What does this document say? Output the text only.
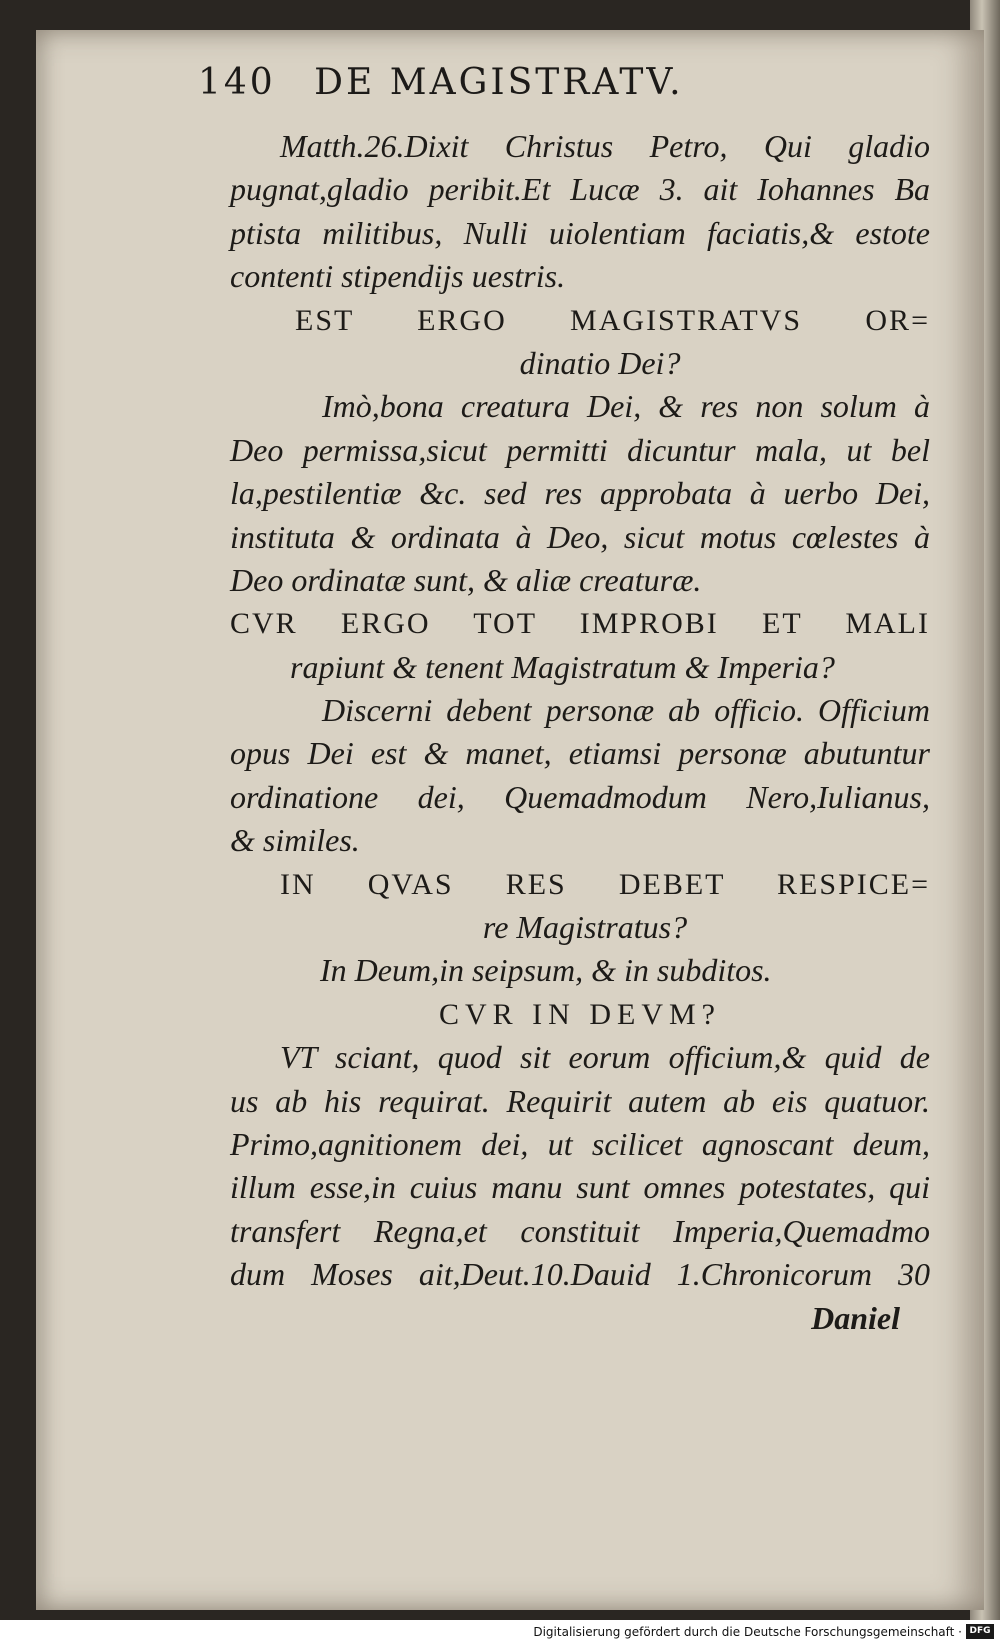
140 DE MAGISTRATV.
Matth.26.Dixit Christus Petro, Qui gladio
pugnat,gladio peribit.Et Lucæ 3. ait Iohannes Ba
ptista militibus, Nulli uiolentiam faciatis,& estote
contenti stipendijs uestris.
EST ERGO MAGISTRATVS OR=
dinatio Dei?
Imò,bona creatura Dei, & res non solum à
Deo permissa,sicut permitti dicuntur mala, ut bel
la,pestilentiæ &c. sed res approbata à uerbo Dei,
instituta & ordinata à Deo, sicut motus cœlestes à
Deo ordinatæ sunt, & aliæ creaturæ.
CVR ERGO TOT IMPROBI ET MALI
rapiunt & tenent Magistratum & Imperia?
Discerni debent personæ ab officio. Officium
opus Dei est & manet, etiamsi personæ abutuntur
ordinatione dei, Quemadmodum Nero,Iulianus,
& similes.
IN QVAS RES DEBET RESPICE=
re Magistratus?
In Deum,in seipsum, & in subditos.
CVR IN DEVM?
VT sciant, quod sit eorum officium,& quid de
us ab his requirat. Requirit autem ab eis quatuor.
Primo,agnitionem dei, ut scilicet agnoscant deum,
illum esse,in cuius manu sunt omnes potestates, qui
transfert Regna,et constituit Imperia,Quemadmo
dum Moses ait,Deut.10.Dauid 1.Chronicorum 30
Daniel
Digitalisierung gefördert durch die Deutsche Forschungsgemeinschaft · DFG
